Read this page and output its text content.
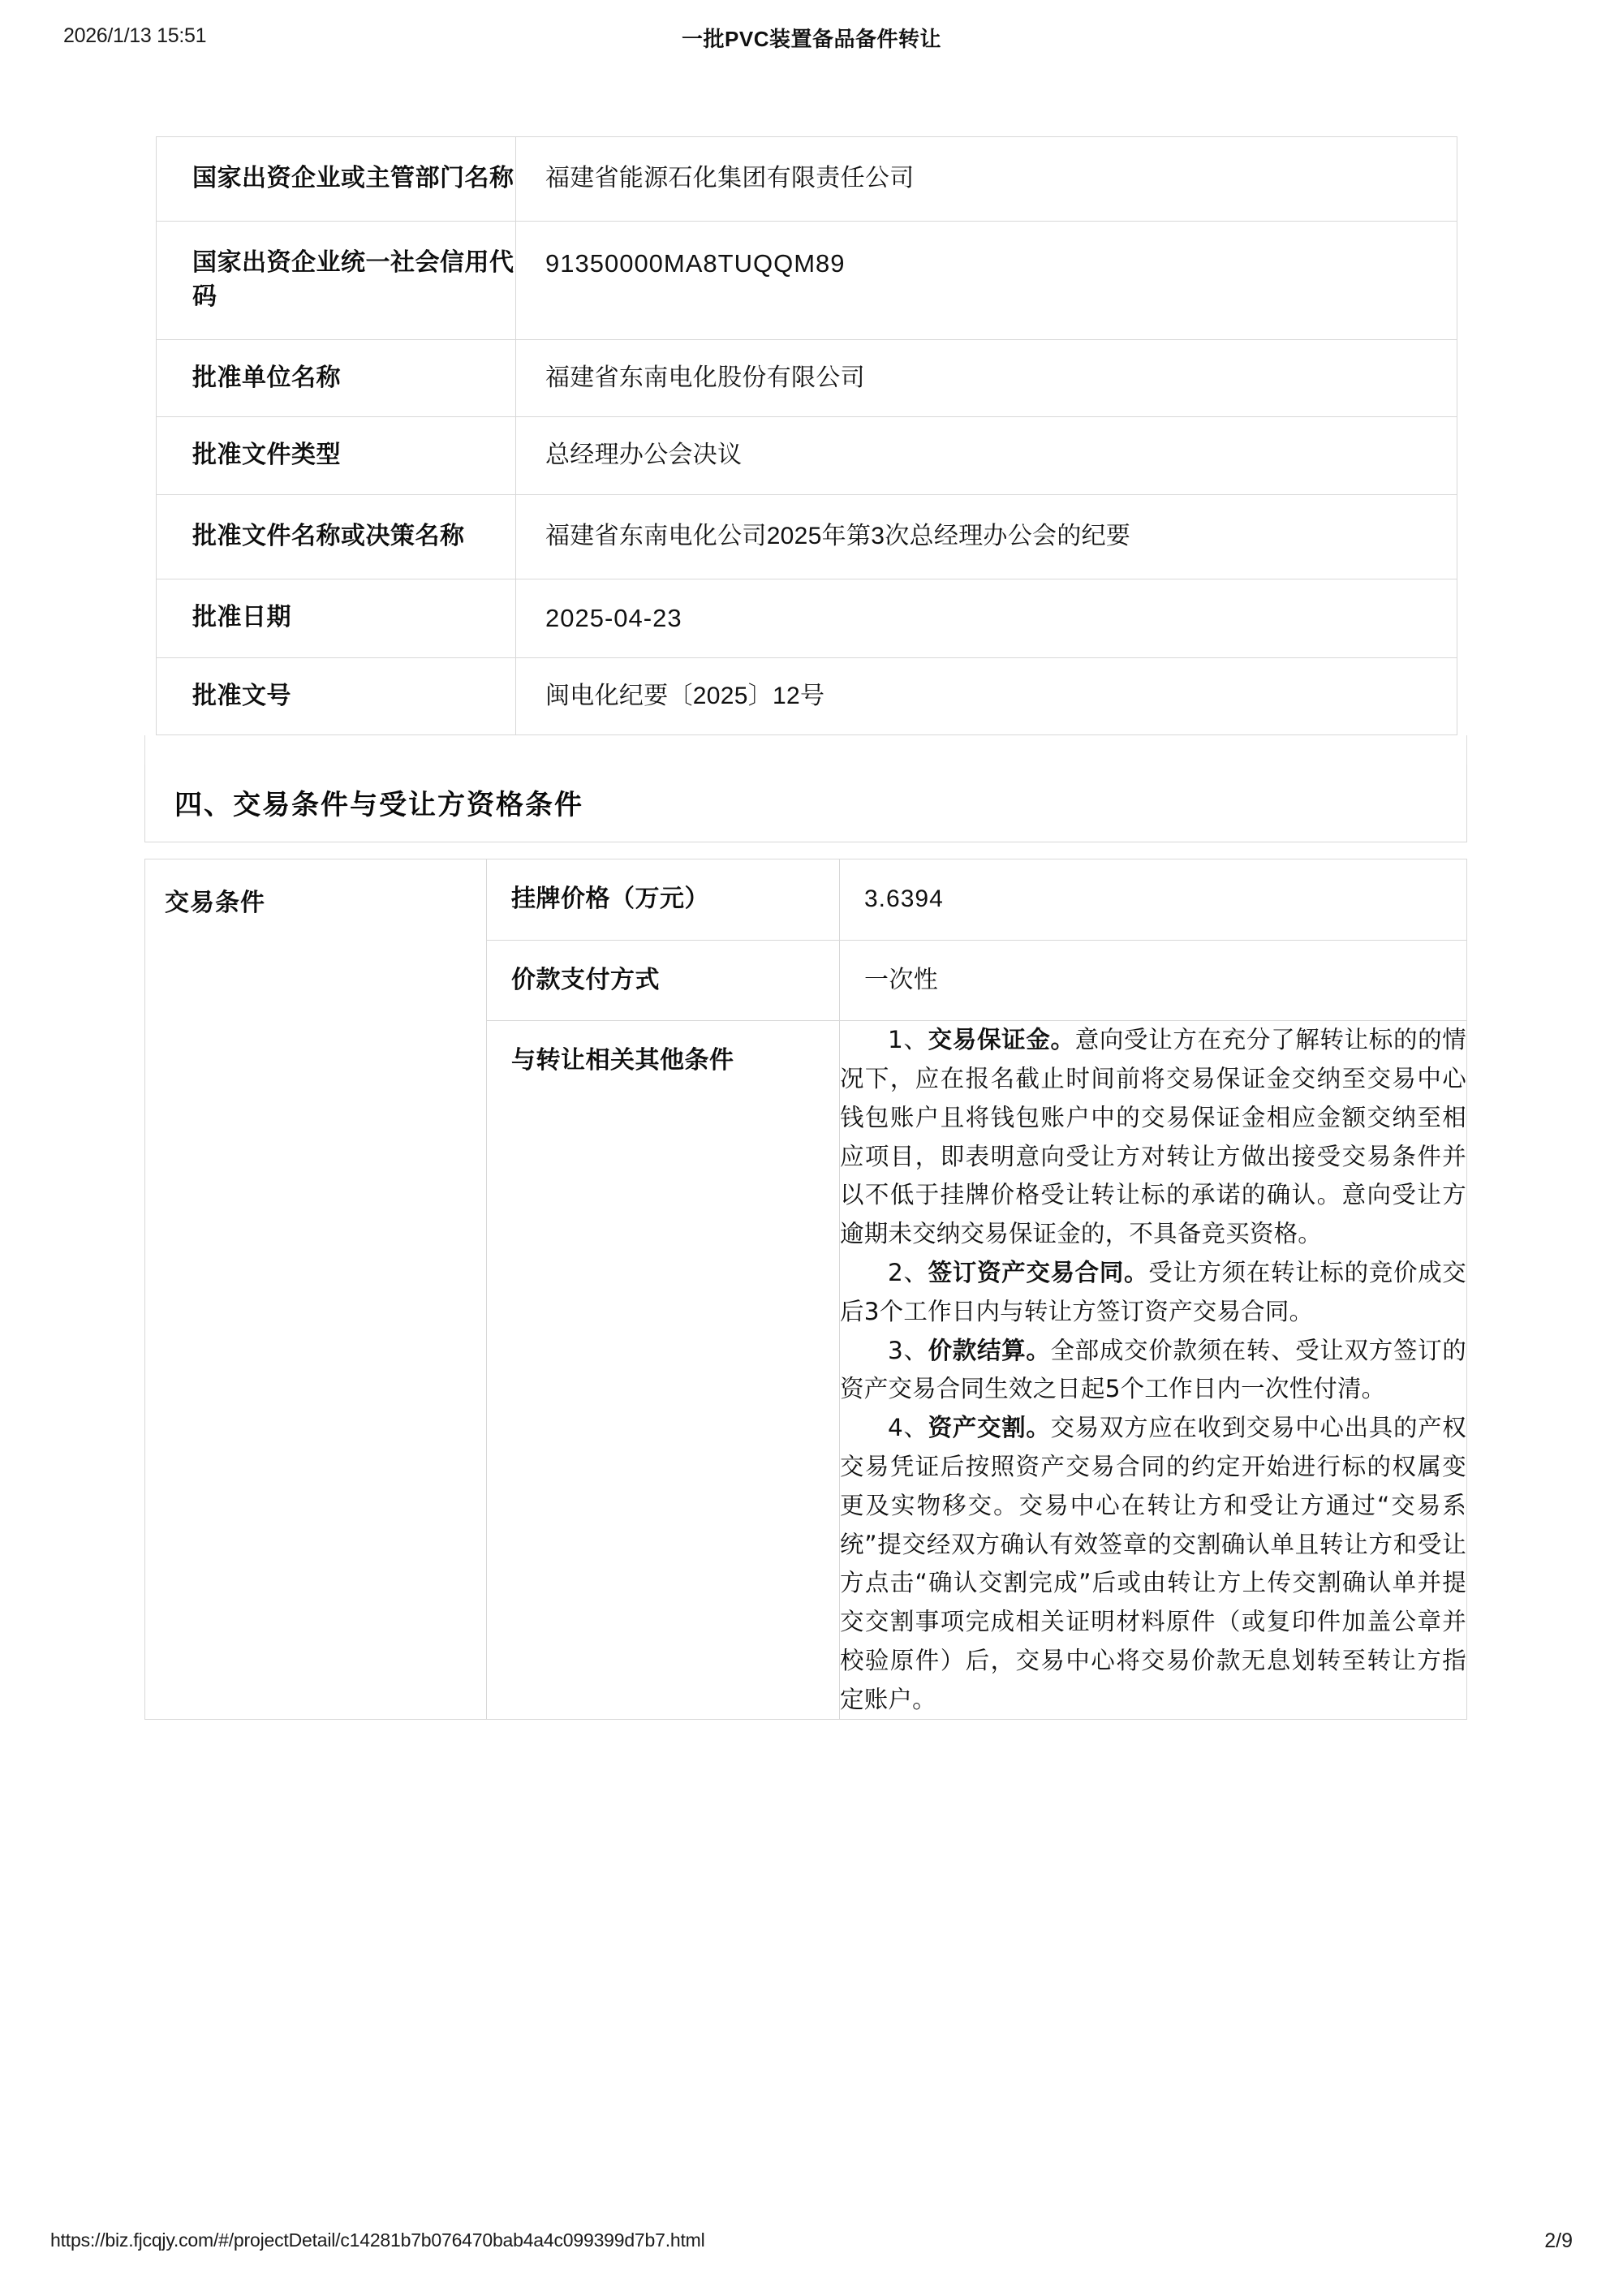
2026/1/13 15:51	一批PVC装置备品备件转让
国家出资企业或主管部门名称	福建省能源石化集团有限责任公司
国家出资企业统一社会信用代码	91350000MA8TUQQM89
批准单位名称	福建省东南电化股份有限公司
批准文件类型	总经理办公会决议
批准文件名称或决策名称	福建省东南电化公司2025年第3次总经理办公会的纪要
批准日期	2025-04-23
批准文号	闽电化纪要〔2025〕12号
四、交易条件与受让方资格条件
交易条件	挂牌价格（万元）	3.6394
	价款支付方式	一次性
	与转让相关其他条件	1、交易保证金。意向受让方在充分了解转让标的的情况下，应在报名截止时间前将交易保证金交纳至交易中心钱包账户且将钱包账户中的交易保证金相应金额交纳至相应项目，即表明意向受让方对转让方做出接受交易条件并以不低于挂牌价格受让转让标的承诺的确认。意向受让方逾期未交纳交易保证金的，不具备竞买资格。

2、签订资产交易合同。受让方须在转让标的竞价成交后3个工作日内与转让方签订资产交易合同。

3、价款结算。全部成交价款须在转、受让双方签订的资产交易合同生效之日起5个工作日内一次性付清。

4、资产交割。交易双方应在收到交易中心出具的产权交易凭证后按照资产交易合同的约定开始进行标的权属变更及实物移交。交易中心在转让方和受让方通过“交易系统”提交经双方确认有效签章的交割确认单且转让方和受让方点击“确认交割完成”后或由转让方上传交割确认单并提交交割事项完成相关证明材料原件（或复印件加盖公章并校验原件）后，交易中心将交易价款无息划转至转让方指定账户。

https://biz.fjcqjy.com/#/projectDetail/c14281b7b076470bab4a4c099399d7b7.html	2/9
